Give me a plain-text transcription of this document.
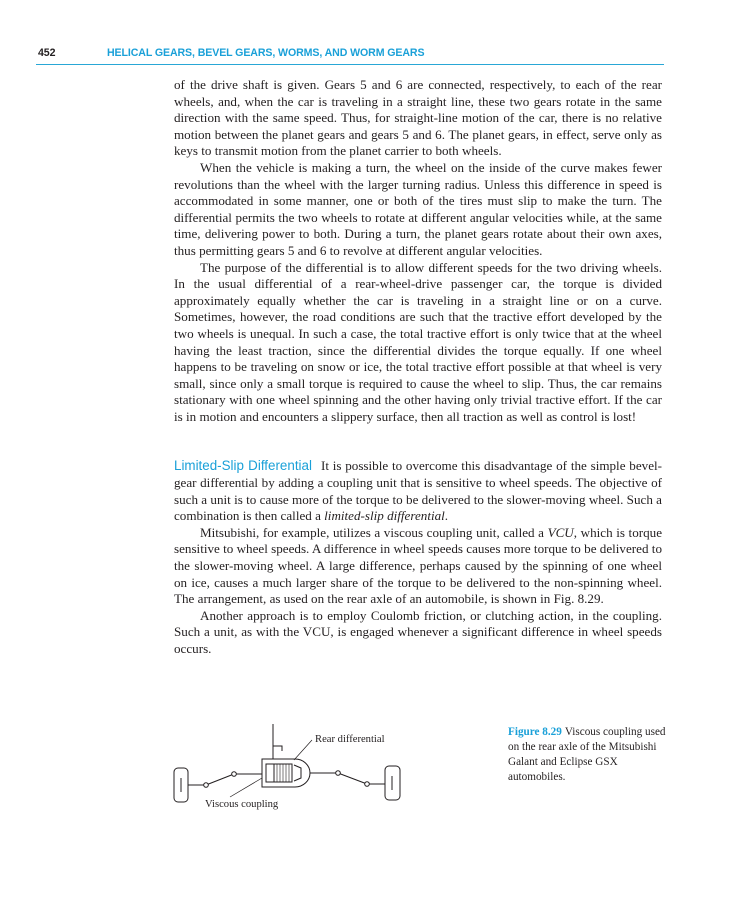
452	HELICAL GEARS, BEVEL GEARS, WORMS, AND WORM GEARS

of the drive shaft is given. Gears 5 and 6 are connected, respectively, to each of the rear wheels, and, when the car is traveling in a straight line, these two gears rotate in the same direction with the same speed. Thus, for straight-line motion of the car, there is no relative motion between the planet gears and gears 5 and 6. The planet gears, in effect, serve only as keys to transmit motion from the planet carrier to both wheels.

When the vehicle is making a turn, the wheel on the inside of the curve makes fewer revolutions than the wheel with the larger turning radius. Unless this difference in speed is accommodated in some manner, one or both of the tires must slip to make the turn. The differential permits the two wheels to rotate at different angular velocities while, at the same time, delivering power to both. During a turn, the planet gears rotate about their own axes, thus permitting gears 5 and 6 to revolve at different angular velocities.

The purpose of the differential is to allow different speeds for the two driving wheels. In the usual differential of a rear-wheel-drive passenger car, the torque is divided approximately equally whether the car is traveling in a straight line or on a curve. Sometimes, however, the road conditions are such that the tractive effort developed by the two wheels is unequal. In such a case, the total tractive effort is only twice that at the wheel having the least traction, since the differential divides the torque equally. If one wheel happens to be traveling on snow or ice, the total tractive effort possible at that wheel is very small, since only a small torque is required to cause the wheel to slip. Thus, the car remains stationary with one wheel spinning and the other having only trivial tractive effort. If the car is in motion and encounters a slippery surface, then all traction as well as control is lost!

Limited-Slip Differential It is possible to overcome this disadvantage of the simple bevel-gear differential by adding a coupling unit that is sensitive to wheel speeds. The objective of such a unit is to cause more of the torque to be delivered to the slower-moving wheel. Such a combination is then called a limited-slip differential.

Mitsubishi, for example, utilizes a viscous coupling unit, called a VCU, which is torque sensitive to wheel speeds. A difference in wheel speeds causes more torque to be delivered to the slower-moving wheel. A large difference, perhaps caused by the spinning of one wheel on ice, causes a much larger share of the torque to be delivered to the non-spinning wheel. The arrangement, as used on the rear axle of an automobile, is shown in Fig. 8.29.

Another approach is to employ Coulomb friction, or clutching action, in the coupling. Such a unit, as with the VCU, is engaged whenever a significant difference in wheel speeds occurs.

Rear differential
Viscous coupling
Figure 8.29 Viscous coupling used on the rear axle of the Mitsubishi Galant and Eclipse GSX automobiles.
